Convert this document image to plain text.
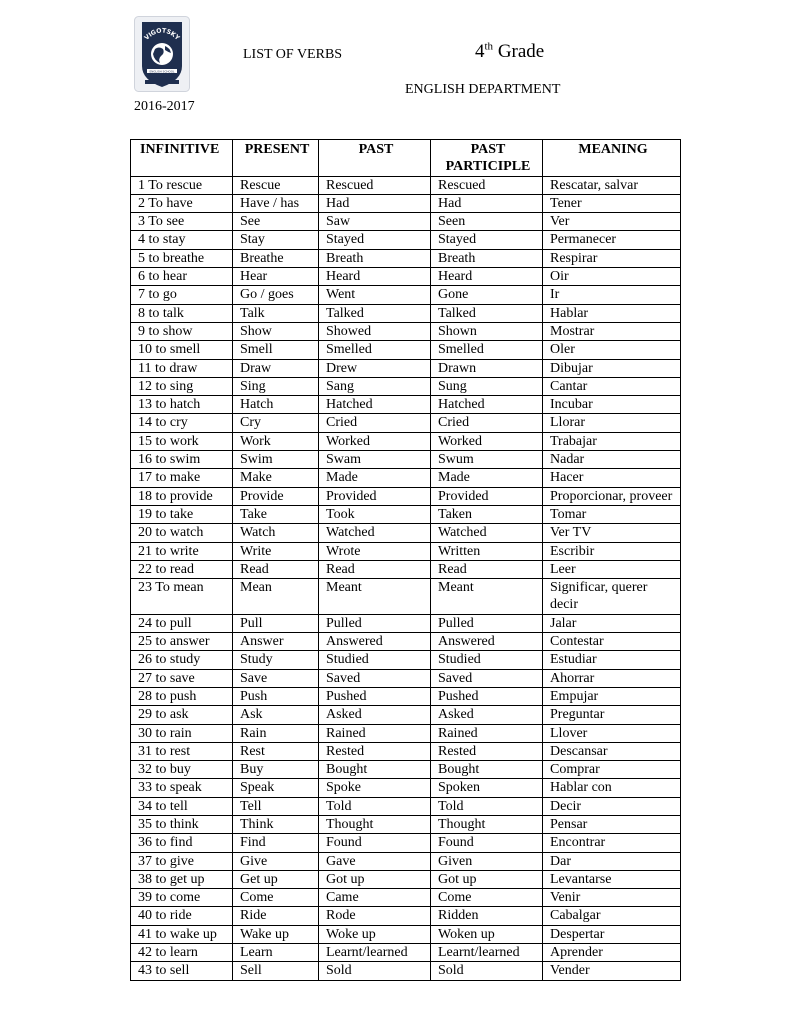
VIGOTSKY
ENGLISH SCHOOL
LIST OF VERBS	4th Grade
ENGLISH DEPARTMENT
2016-2017
INFINITIVE	PRESENT	PAST	PAST PARTICIPLE	MEANING
1 To rescue	Rescue	Rescued	Rescued	Rescatar, salvar
2 To have	Have / has	Had	Had	Tener
3 To see	See	Saw	Seen	Ver
4 to stay	Stay	Stayed	Stayed	Permanecer
5 to breathe	Breathe	Breath	Breath	Respirar
6 to hear	Hear	Heard	Heard	Oir
7 to go	Go / goes	Went	Gone	Ir
8 to talk	Talk	Talked	Talked	Hablar
9 to show	Show	Showed	Shown	Mostrar
10 to smell	Smell	Smelled	Smelled	Oler
11 to draw	Draw	Drew	Drawn	Dibujar
12 to sing	Sing	Sang	Sung	Cantar
13 to hatch	Hatch	Hatched	Hatched	Incubar
14 to cry	Cry	Cried	Cried	Llorar
15 to work	Work	Worked	Worked	Trabajar
16 to swim	Swim	Swam	Swum	Nadar
17 to make	Make	Made	Made	Hacer
18 to provide	Provide	Provided	Provided	Proporcionar, proveer
19 to take	Take	Took	Taken	Tomar
20 to watch	Watch	Watched	Watched	Ver TV
21 to write	Write	Wrote	Written	Escribir
22 to read	Read	Read	Read	Leer
23 To mean	Mean	Meant	Meant	Significar, querer decir
24 to pull	Pull	Pulled	Pulled	Jalar
25 to answer	Answer	Answered	Answered	Contestar
26 to study	Study	Studied	Studied	Estudiar
27 to save	Save	Saved	Saved	Ahorrar
28 to push	Push	Pushed	Pushed	Empujar
29 to ask	Ask	Asked	Asked	Preguntar
30 to rain	Rain	Rained	Rained	Llover
31 to rest	Rest	Rested	Rested	Descansar
32 to buy	Buy	Bought	Bought	Comprar
33 to speak	Speak	Spoke	Spoken	Hablar con
34 to tell	Tell	Told	Told	Decir
35 to think	Think	Thought	Thought	Pensar
36 to find	Find	Found	Found	Encontrar
37 to give	Give	Gave	Given	Dar
38 to get up	Get up	Got up	Got up	Levantarse
39 to come	Come	Came	Come	Venir
40 to ride	Ride	Rode	Ridden	Cabalgar
41 to wake up	Wake up	Woke up	Woken up	Despertar
42 to learn	Learn	Learnt/learned	Learnt/learned	Aprender
43 to sell	Sell	Sold	Sold	Vender
